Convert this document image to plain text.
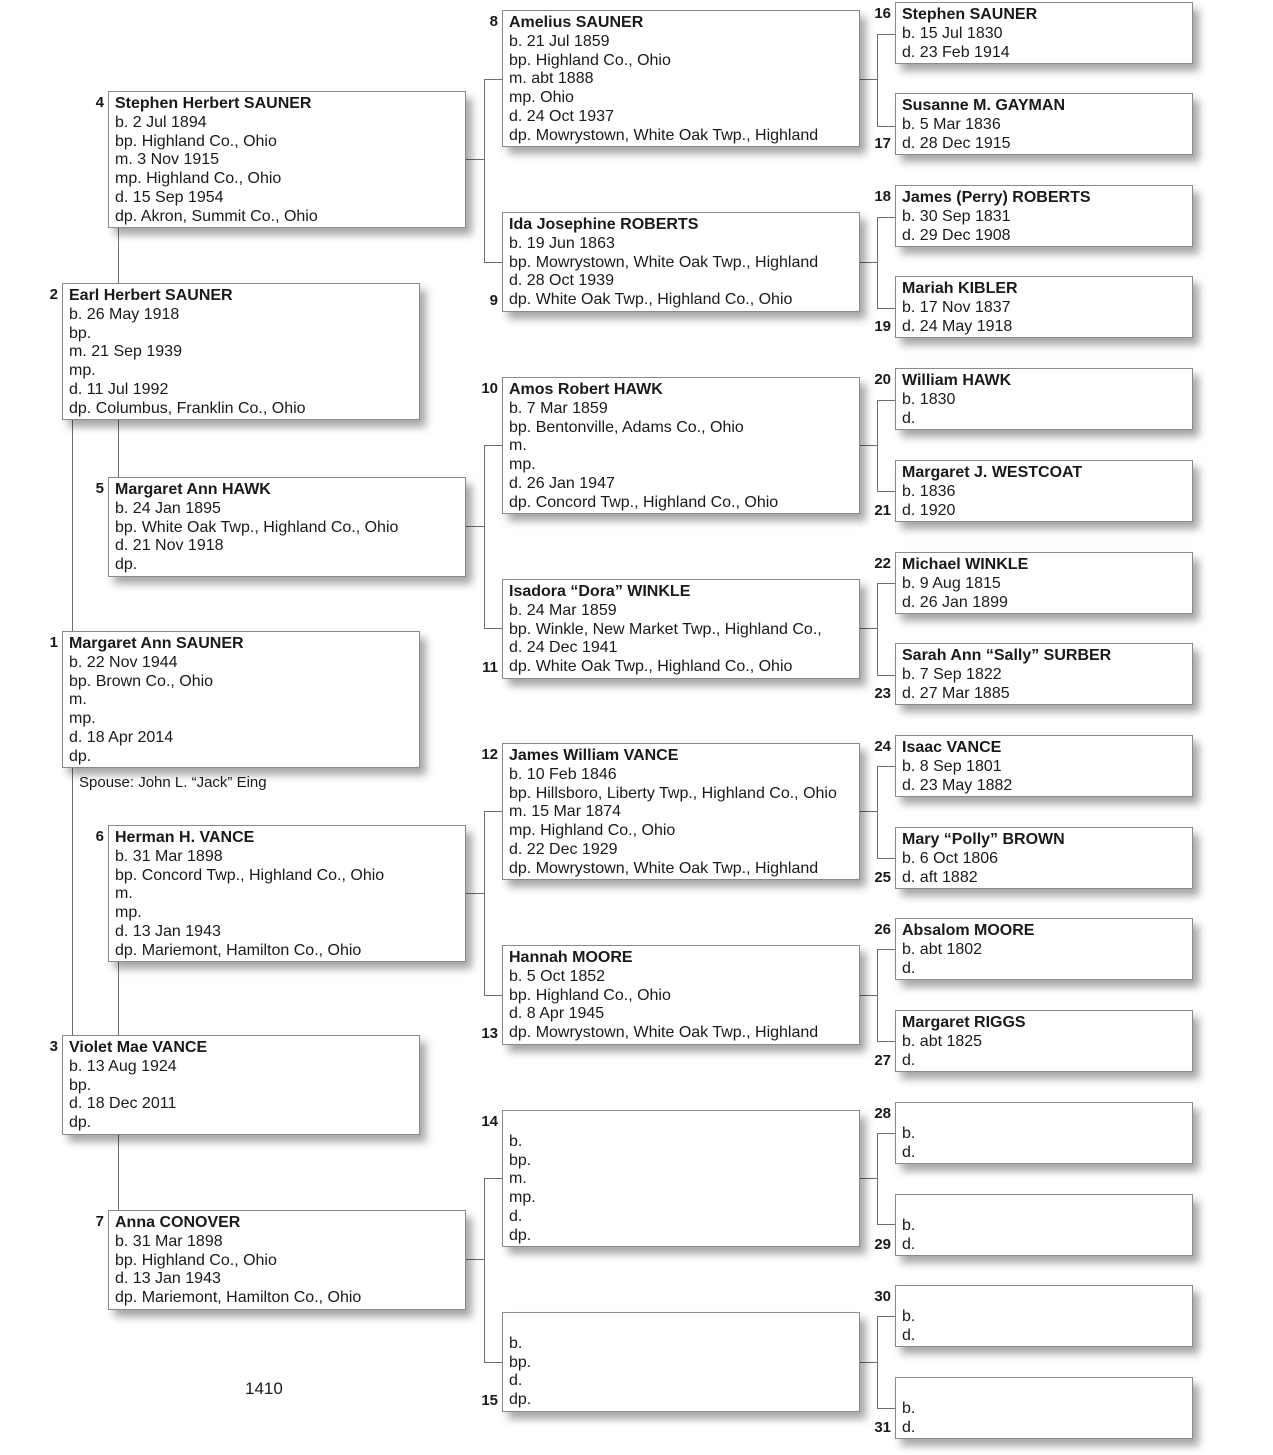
Margaret Ann SAUNER
b. 22 Nov 1944
bp. Brown Co., Ohio
m.
mp.
d. 18 Apr 2014
dp.
1
Earl Herbert SAUNER
b. 26 May 1918
bp.
m. 21 Sep 1939
mp.
d. 11 Jul 1992
dp. Columbus, Franklin Co., Ohio
2
Violet Mae VANCE
b. 13 Aug 1924
bp.
d. 18 Dec 2011
dp.
3
Stephen Herbert SAUNER
b. 2 Jul 1894
bp. Highland Co., Ohio
m. 3 Nov 1915
mp. Highland Co., Ohio
d. 15 Sep 1954
dp. Akron, Summit Co., Ohio
4
Margaret Ann HAWK
b. 24 Jan 1895
bp. White Oak Twp., Highland Co., Ohio
d. 21 Nov 1918
dp.
5
Herman H. VANCE
b. 31 Mar 1898
bp. Concord Twp., Highland Co., Ohio
m.
mp.
d. 13 Jan 1943
dp. Mariemont, Hamilton Co., Ohio
6
Anna CONOVER
b. 31 Mar 1898
bp. Highland Co., Ohio
d. 13 Jan 1943
dp. Mariemont, Hamilton Co., Ohio
7
Amelius SAUNER
b. 21 Jul 1859
bp. Highland Co., Ohio
m. abt 1888
mp. Ohio
d. 24 Oct 1937
dp. Mowrystown, White Oak Twp., Highland
8
Ida Josephine ROBERTS
b. 19 Jun 1863
bp. Mowrystown, White Oak Twp., Highland
d. 28 Oct 1939
dp. White Oak Twp., Highland Co., Ohio
9
Amos Robert HAWK
b. 7 Mar 1859
bp. Bentonville, Adams Co., Ohio
m.
mp.
d. 26 Jan 1947
dp. Concord Twp., Highland Co., Ohio
10
Isadora “Dora” WINKLE
b. 24 Mar 1859
bp. Winkle, New Market Twp., Highland Co.,
d. 24 Dec 1941
dp. White Oak Twp., Highland Co., Ohio
11
James William VANCE
b. 10 Feb 1846
bp. Hillsboro, Liberty Twp., Highland Co., Ohio
m. 15 Mar 1874
mp. Highland Co., Ohio
d. 22 Dec 1929
dp. Mowrystown, White Oak Twp., Highland
12
Hannah MOORE
b. 5 Oct 1852
bp. Highland Co., Ohio
d. 8 Apr 1945
dp. Mowrystown, White Oak Twp., Highland
13

b.
bp.
m.
mp.
d.
dp.
14

b.
bp.
d.
dp.
15
Stephen SAUNER
b. 15 Jul 1830
d. 23 Feb 1914
16
Susanne M. GAYMAN
b. 5 Mar 1836
d. 28 Dec 1915
17
James (Perry) ROBERTS
b. 30 Sep 1831
d. 29 Dec 1908
18
Mariah KIBLER
b. 17 Nov 1837
d. 24 May 1918
19
William HAWK
b. 1830
d.
20
Margaret J. WESTCOAT
b. 1836
d. 1920
21
Michael WINKLE
b. 9 Aug 1815
d. 26 Jan 1899
22
Sarah Ann “Sally” SURBER
b. 7 Sep 1822
d. 27 Mar 1885
23
Isaac VANCE
b. 8 Sep 1801
d. 23 May 1882
24
Mary “Polly” BROWN
b. 6 Oct 1806
d. aft 1882
25
Absalom MOORE
b. abt 1802
d.
26
Margaret RIGGS
b. abt 1825
d.
27

b.
d.
28

b.
d.
29

b.
d.
30

b.
d.
31
Spouse: John L. “Jack” Eing
1410
